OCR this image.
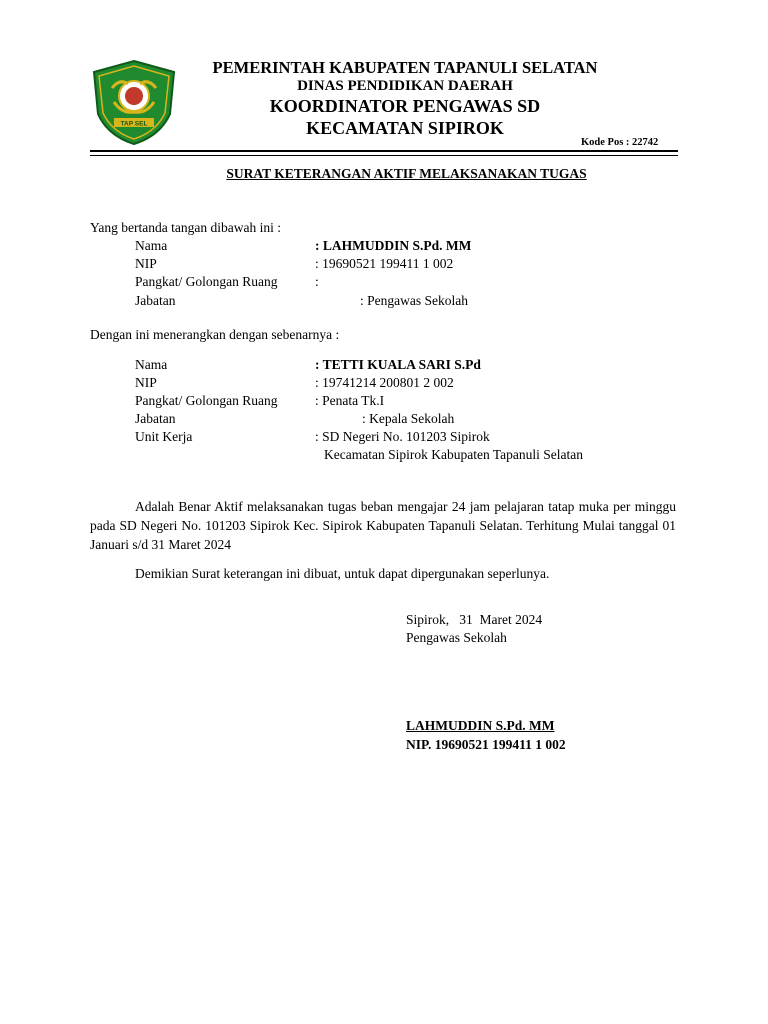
TAP SEL
PEMERINTAH KABUPATEN TAPANULI SELATAN
DINAS PENDIDIKAN DAERAH
KOORDINATOR PENGAWAS SD
KECAMATAN SIPIROK
Kode Pos : 22742
SURAT KETERANGAN AKTIF MELAKSANAKAN TUGAS
Yang bertanda tangan dibawah ini :
Nama	: LAHMUDDIN S.Pd. MM
NIP	: 19690521 199411 1 002
Pangkat/ Golongan Ruang	:
Jabatan	: Pengawas Sekolah
Dengan ini menerangkan dengan sebenarnya :
Nama	: TETTI KUALA SARI S.Pd
NIP	: 19741214 200801 2 002
Pangkat/ Golongan Ruang	: Penata Tk.I
Jabatan	: Kepala Sekolah
Unit Kerja	: SD Negeri No. 101203 Sipirok
Kecamatan Sipirok Kabupaten Tapanuli Selatan
Adalah Benar Aktif melaksanakan tugas beban mengajar 24 jam pelajaran tatap muka per minggu pada SD Negeri No. 101203 Sipirok Kec. Sipirok Kabupaten Tapanuli Selatan. Terhitung Mulai tanggal 01 Januari s/d 31 Maret 2024
Demikian Surat keterangan ini dibuat, untuk dapat dipergunakan seperlunya.
Sipirok,   31  Maret 2024
Pengawas Sekolah
LAHMUDDIN S.Pd. MM
NIP. 19690521 199411 1 002
